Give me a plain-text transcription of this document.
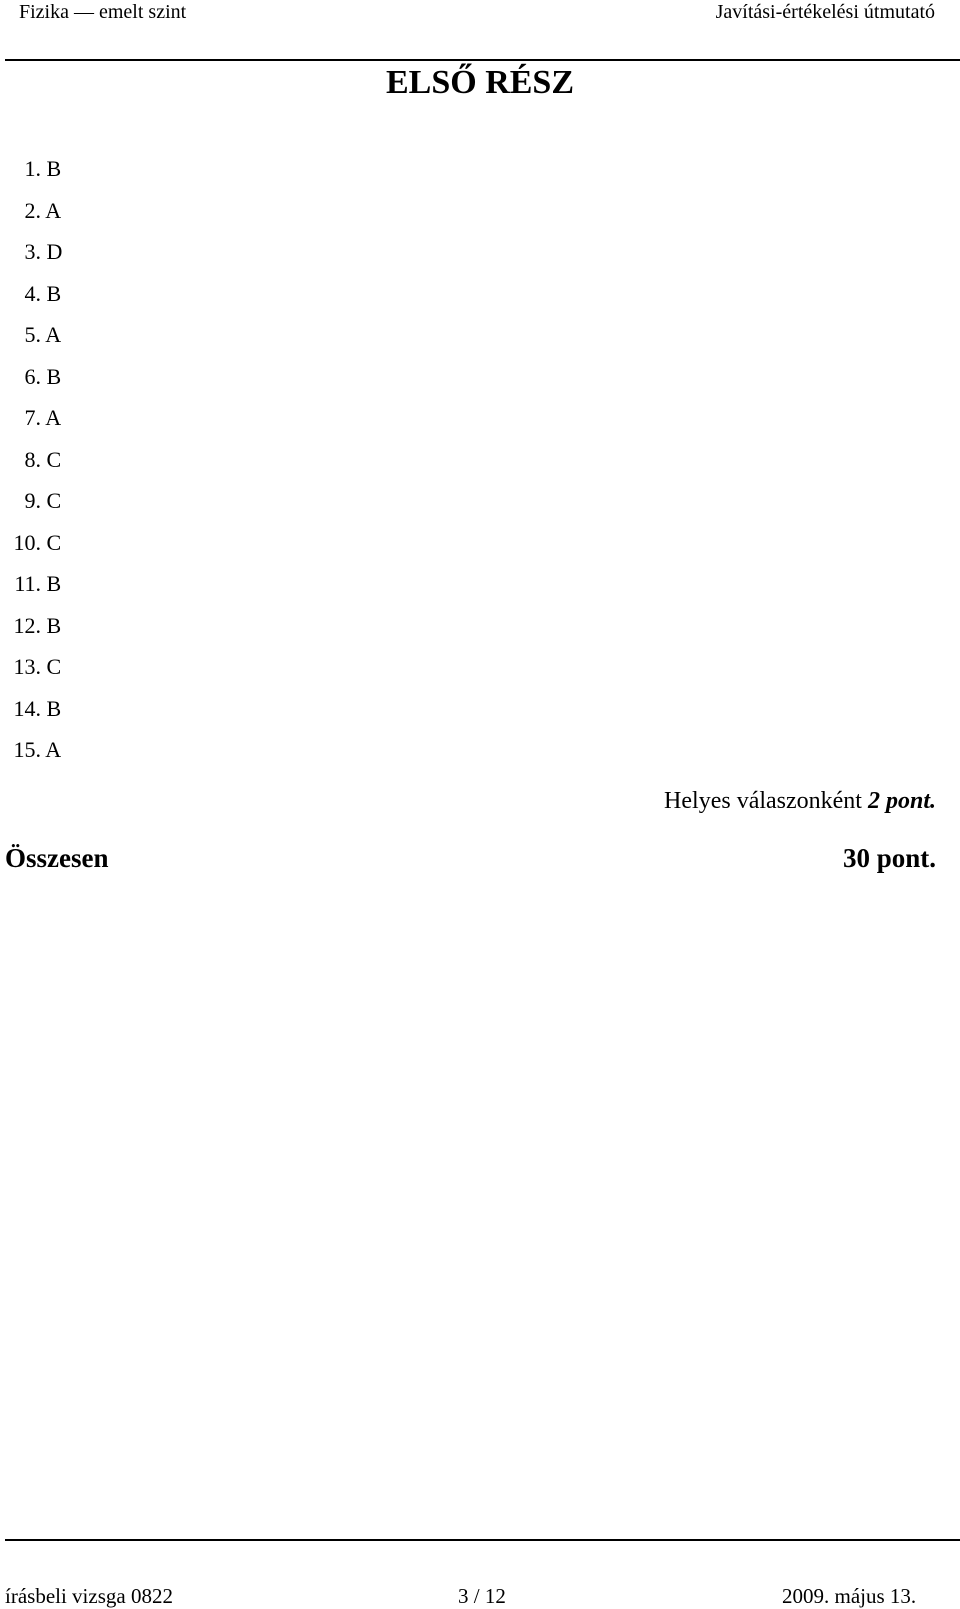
Fizika — emelt szint	Javítási-értékelési útmutató
ELSŐ RÉSZ
1. B
2. A
3. D
4. B
5. A
6. B
7. A
8. C
9. C
10. C
11. B
12. B
13. C
14. B
15. A
Helyes válaszonként 2 pont.
Összesen	30 pont.
írásbeli vizsga 0822	3 / 12	2009. május 13.
